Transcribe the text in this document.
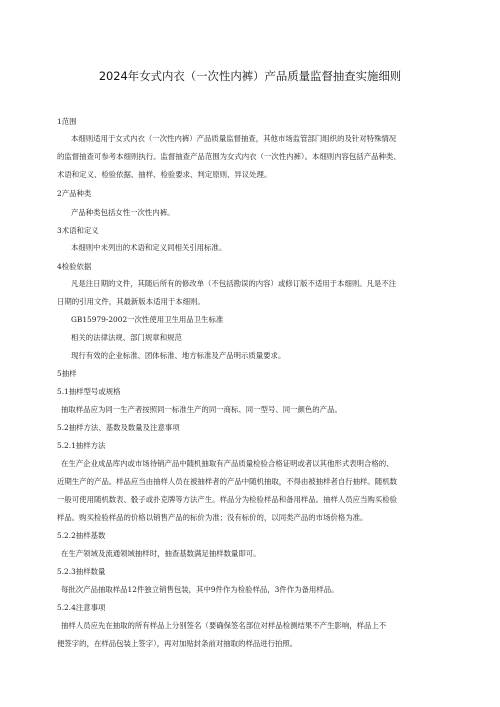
2024年女式内衣（一次性内裤）产品质量监督抽查实施细则
1范围
本细则适用于女式内衣（一次性内裤）产品质量监督抽查，其他市场监管部门组织的及针对特殊情况
的监督抽查可参考本细则执行。监督抽查产品范围为女式内衣（一次性内裤）。本细则内容包括产品种类、
术语和定义、检验依据、抽样、检验要求、判定原则、异议处理。
2产品种类
产品种类包括女性一次性内裤。
3术语和定义
本细则中未列出的术语和定义同相关引用标准。
4检验依据
凡是注日期的文件，其随后所有的修改单（不包括勘误的内容）或修订版不适用于本细则。凡是不注
日期的引用文件，其最新版本适用于本细则。
GB15979-2002一次性使用卫生用品卫生标准
相关的法律法规、部门规章和规范
现行有效的企业标准、团体标准、地方标准及产品明示质量要求。
5抽样
5.1抽样型号或规格
抽取样品应为同一生产者按照同一标准生产的同一商标、同一型号、同一颜色的产品。
5.2抽样方法、基数及数量及注意事项
5.2.1抽样方法
在生产企业成品库内或市场待销产品中随机抽取有产品质量检验合格证明或者以其他形式表明合格的、
近期生产的产品。样品应当由抽样人员在被抽样者的产品中随机抽取，不得由被抽样者自行抽样。随机数
一般可使用随机数表、骰子或扑克牌等方法产生。样品分为检验样品和备用样品。抽样人员应当购买检验
样品。购买检验样品的价格以销售产品的标价为准；没有标价的，以同类产品的市场价格为准。
5.2.2抽样基数
在生产领域及流通领域抽样时，抽查基数满足抽样数量即可。
5.2.3抽样数量
每批次产品抽取样品12件独立销售包装，其中9件作为检验样品，3件作为备用样品。
5.2.4注意事项
抽样人员应先在抽取的所有样品上分别签名（要确保签名部位对样品检测结果不产生影响，样品上不
便签字的，在样品包装上签字），再对加贴封条前对抽取的样品进行拍照。
